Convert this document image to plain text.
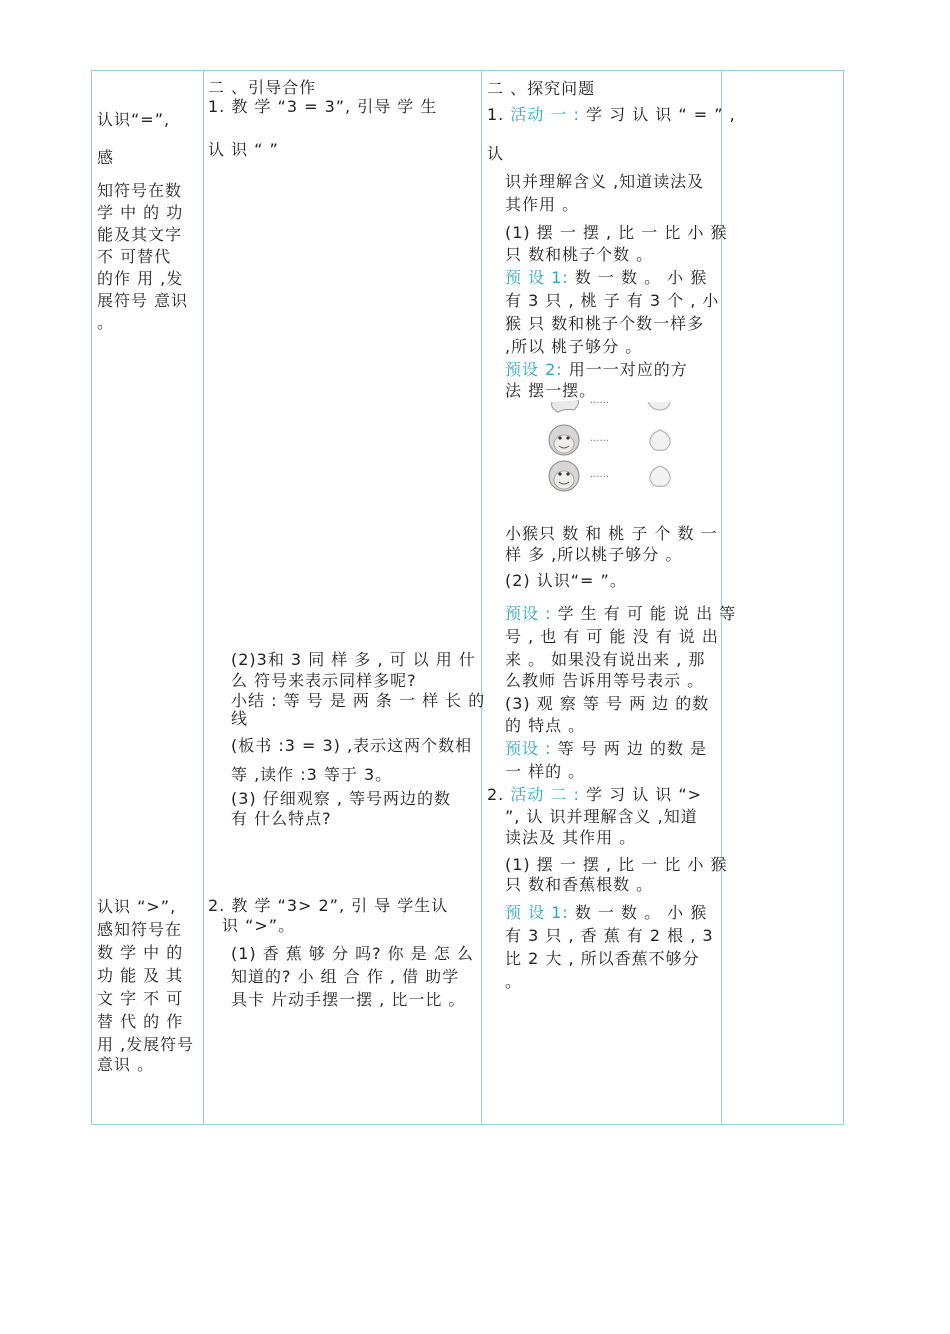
认识“=”,
感
知符号在数
学 中 的 功
能及其文字
不 可替代
的作 用 ,发
展符号 意识
。
认识 “>”,
感知符号在
数 学 中 的
功 能 及 其
文 字 不 可
替 代 的 作
用 ,发展符号
意识 。
二 、引导合作
1. 教 学 “3 = 3”, 引导 学 生
认 识 “ ”
(2)3和 3 同 样 多 , 可 以 用 什
么 符号来表示同样多呢?
小结 : 等 号 是 两 条 一 样 长 的
线
(板书 :3 = 3) ,表示这两个数相
等 ,读作 :3 等于 3。
(3) 仔细观察 , 等号两边的数
有 什么特点?
2. 教 学 “3> 2”, 引 导 学生认
识 “>”。
(1) 香 蕉 够 分 吗? 你 是 怎 么
知道的? 小 组 合 作 , 借 助学
具卡 片动手摆一摆 , 比一比 。
二 、探究问题
1. 活动 一 : 学 习 认 识 “ = ” ,
认
识并理解含义 ,知道读法及
其作用 。
(1) 摆 一 摆 , 比 一 比 小 猴
只 数和桃子个数 。
预 设 1: 数 一 数 。 小 猴
有 3 只 , 桃 子 有 3 个 , 小
猴 只 数和桃子个数一样多
,所以 桃子够分 。
预设 2: 用一一对应的方
法 摆一摆。
······
······
······
小猴只 数 和 桃 子 个 数 一
样 多 ,所以桃子够分 。
(2) 认识“= ”。
预设 : 学 生 有 可 能 说 出 等
号 , 也 有 可 能 没 有 说 出
来 。 如果没有说出来 , 那
么教师 告诉用等号表示 。
(3) 观 察 等 号 两 边 的数
的 特点 。
预设 : 等 号 两 边 的数 是
一 样的 。
2. 活动 二 : 学 习 认 识 “>
”, 认 识并理解含义 ,知道
读法及 其作用 。
(1) 摆 一 摆 , 比 一 比 小 猴
只 数和香蕉根数 。
预 设 1: 数 一 数 。 小 猴
有 3 只 , 香 蕉 有 2 根 , 3
比 2 大 , 所以香蕉不够分
。
